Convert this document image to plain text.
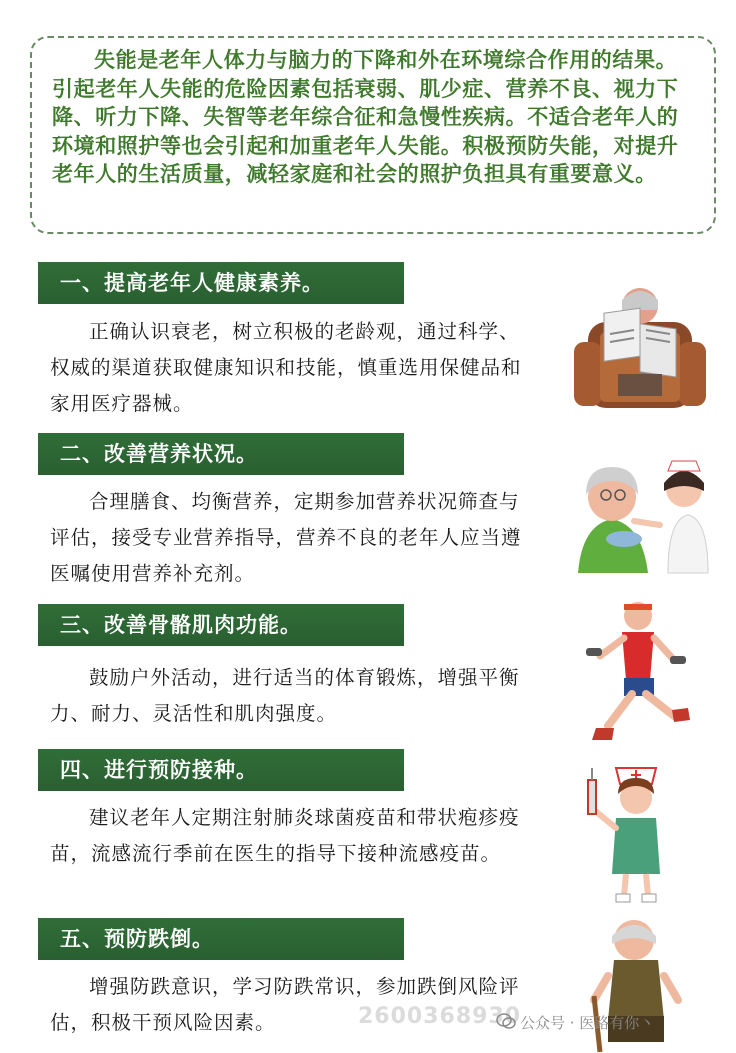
失能是老年人体力与脑力的下降和外在环境综合作用的结果。引起老年人失能的危险因素包括衰弱、肌少症、营养不良、视力下降、听力下降、失智等老年综合征和急慢性疾病。不适合老年人的环境和照护等也会引起和加重老年人失能。积极预防失能，对提升老年人的生活质量，减轻家庭和社会的照护负担具有重要意义。

一、提高老年人健康素养。

正确认识衰老，树立积极的老龄观，通过科学、权威的渠道获取健康知识和技能，慎重选用保健品和家用医疗器械。

二、改善营养状况。

合理膳食、均衡营养，定期参加营养状况筛查与评估，接受专业营养指导，营养不良的老年人应当遵医嘱使用营养补充剂。

三、改善骨骼肌肉功能。

鼓励户外活动，进行适当的体育锻炼，增强平衡力、耐力、灵活性和肌肉强度。

四、进行预防接种。

建议老年人定期注射肺炎球菌疫苗和带状疱疹疫苗，流感流行季前在医生的指导下接种流感疫苗。

五、预防跌倒。

增强防跌意识，学习防跌常识，参加跌倒风险评估，积极干预风险因素。	2600368930
公众号 · 医路有你丶
